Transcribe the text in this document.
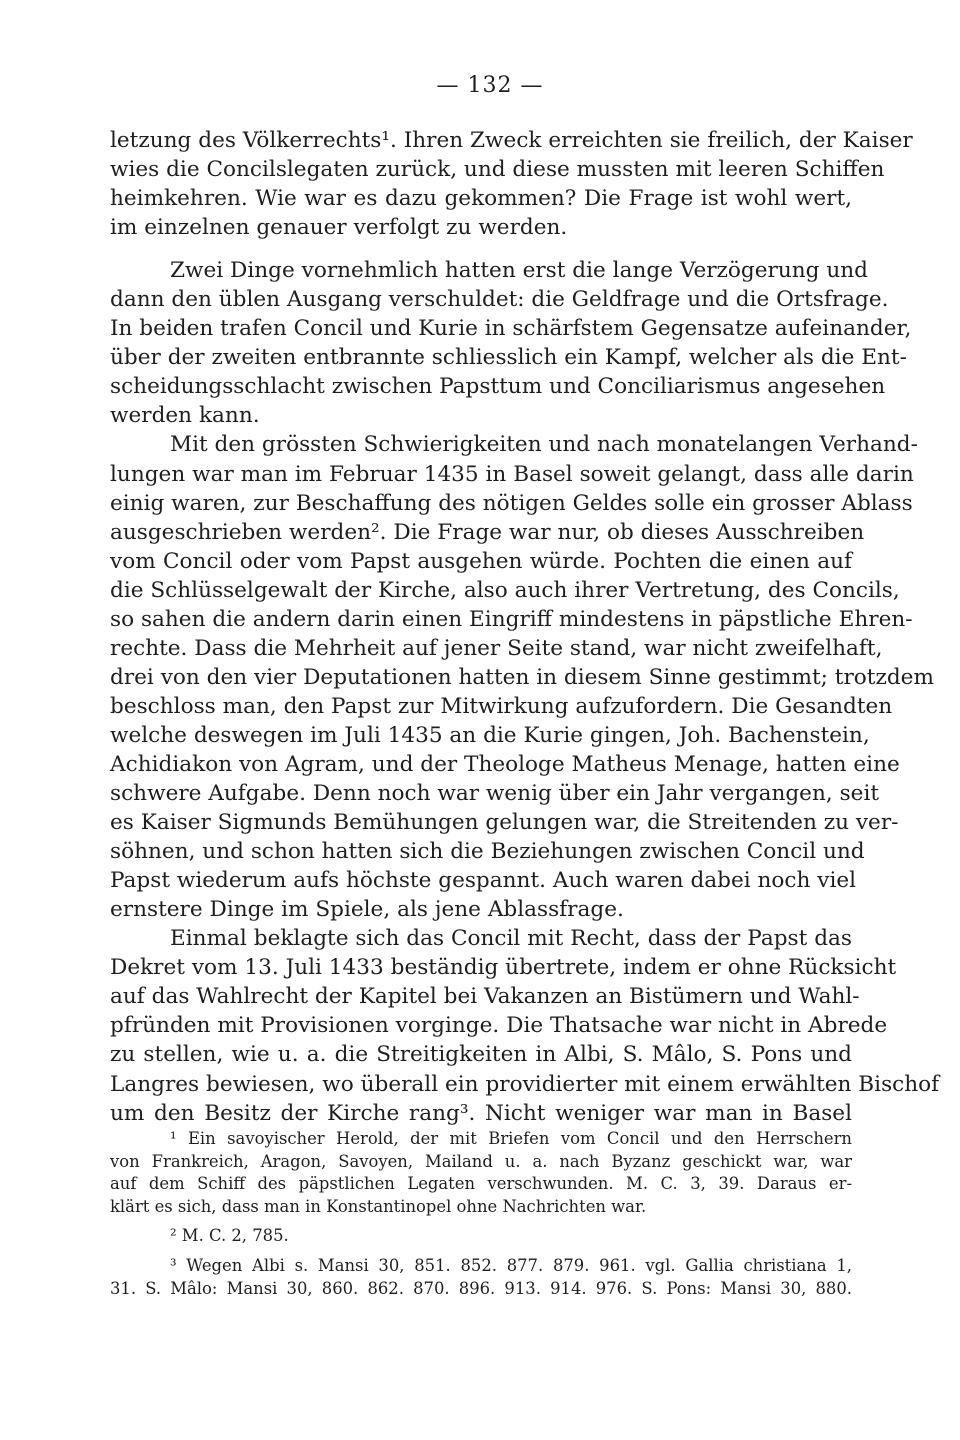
— 132 —
letzung des Völkerrechts¹. Ihren Zweck erreichten sie freilich, der Kaiser
wies die Concilslegaten zurück, und diese mussten mit leeren Schiffen
heimkehren. Wie war es dazu gekommen? Die Frage ist wohl wert,
im einzelnen genauer verfolgt zu werden.
Zwei Dinge vornehmlich hatten erst die lange Verzögerung und
dann den üblen Ausgang verschuldet: die Geldfrage und die Ortsfrage.
In beiden trafen Concil und Kurie in schärfstem Gegensatze aufeinander,
über der zweiten entbrannte schliesslich ein Kampf, welcher als die Ent-
scheidungsschlacht zwischen Papsttum und Conciliarismus angesehen
werden kann.
Mit den grössten Schwierigkeiten und nach monatelangen Verhand-
lungen war man im Februar 1435 in Basel soweit gelangt, dass alle darin
einig waren, zur Beschaffung des nötigen Geldes solle ein grosser Ablass
ausgeschrieben werden². Die Frage war nur, ob dieses Ausschreiben
vom Concil oder vom Papst ausgehen würde. Pochten die einen auf
die Schlüsselgewalt der Kirche, also auch ihrer Vertretung, des Concils,
so sahen die andern darin einen Eingriff mindestens in päpstliche Ehren-
rechte. Dass die Mehrheit auf jener Seite stand, war nicht zweifelhaft,
drei von den vier Deputationen hatten in diesem Sinne gestimmt; trotzdem
beschloss man, den Papst zur Mitwirkung aufzufordern. Die Gesandten
welche deswegen im Juli 1435 an die Kurie gingen, Joh. Bachenstein,
Achidiakon von Agram, und der Theologe Matheus Menage, hatten eine
schwere Aufgabe. Denn noch war wenig über ein Jahr vergangen, seit
es Kaiser Sigmunds Bemühungen gelungen war, die Streitenden zu ver-
söhnen, und schon hatten sich die Beziehungen zwischen Concil und
Papst wiederum aufs höchste gespannt. Auch waren dabei noch viel
ernstere Dinge im Spiele, als jene Ablassfrage.
Einmal beklagte sich das Concil mit Recht, dass der Papst das
Dekret vom 13. Juli 1433 beständig übertrete, indem er ohne Rücksicht
auf das Wahlrecht der Kapitel bei Vakanzen an Bistümern und Wahl-
pfründen mit Provisionen vorginge. Die Thatsache war nicht in Abrede
zu stellen, wie u. a. die Streitigkeiten in Albi, S. Mâlo, S. Pons und
Langres bewiesen, wo überall ein providierter mit einem erwählten Bischof
um den Besitz der Kirche rang³. Nicht weniger war man in Basel
¹ Ein savoyischer Herold, der mit Briefen vom Concil und den Herrschern
von Frankreich, Aragon, Savoyen, Mailand u. a. nach Byzanz geschickt war, war
auf dem Schiff des päpstlichen Legaten verschwunden. M. C. 3, 39. Daraus er-
klärt es sich, dass man in Konstantinopel ohne Nachrichten war.
² M. C. 2, 785.
³ Wegen Albi s. Mansi 30, 851. 852. 877. 879. 961. vgl. Gallia christiana 1,
31. S. Mâlo: Mansi 30, 860. 862. 870. 896. 913. 914. 976. S. Pons: Mansi 30, 880.
